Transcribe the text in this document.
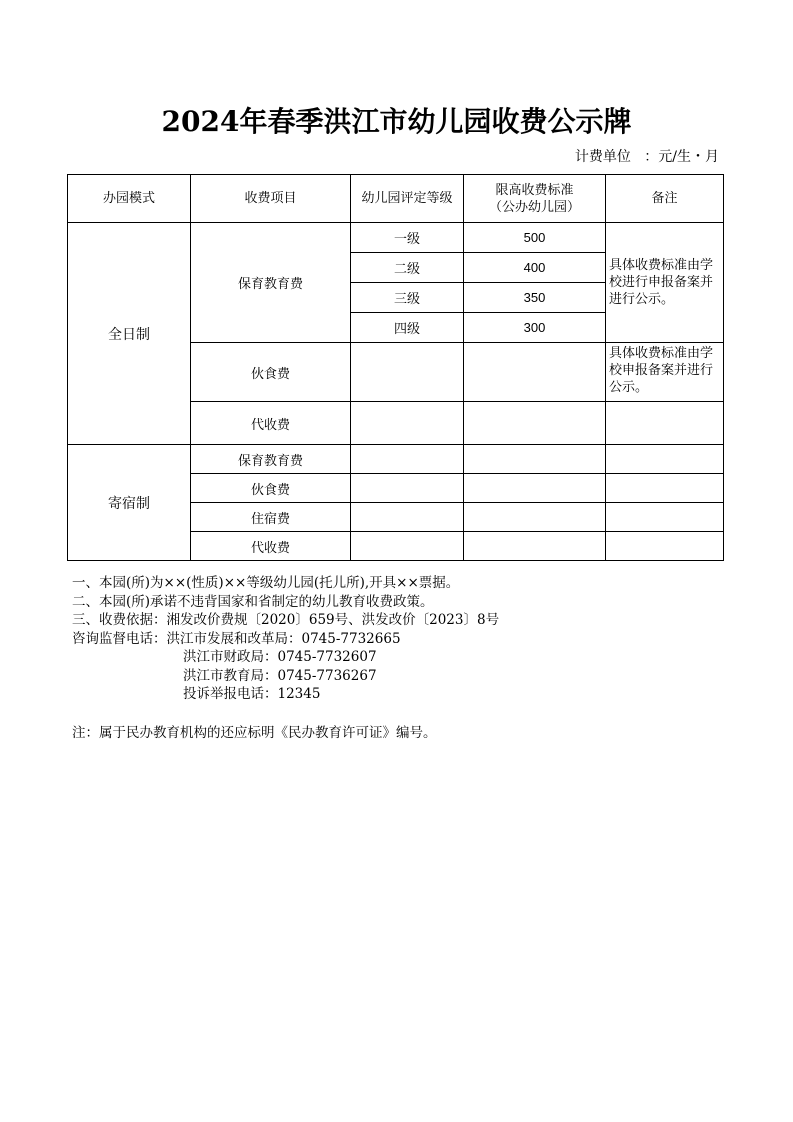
2024年春季洪江市幼儿园收费公示牌
计费单位   ：元/生・月
办园模式	收费项目	幼儿园评定等级	限高收费标准
（公办幼儿园）	备注
全日制	保育教育费	一级	500	具体收费标准由学校进行申报备案并进行公示。
		二级	400	
		三级	350	
		四级	300	
	伙食费			具体收费标准由学校申报备案并进行公示。
	代收费			
寄宿制	保育教育费			
	伙食费			
	住宿费			
	代收费			
一、本园(所)为××(性质)××等级幼儿园(托儿所),开具××票据。
二、本园(所)承诺不违背国家和省制定的幼儿教育收费政策。
三、收费依据：湘发改价费规〔2020〕659号、洪发改价〔2023〕8号
咨询监督电话：洪江市发展和改革局：0745-7732665
洪江市财政局：0745-7732607
洪江市教育局：0745-7736267
投诉举报电话：12345
注：属于民办教育机构的还应标明《民办教育许可证》编号。
